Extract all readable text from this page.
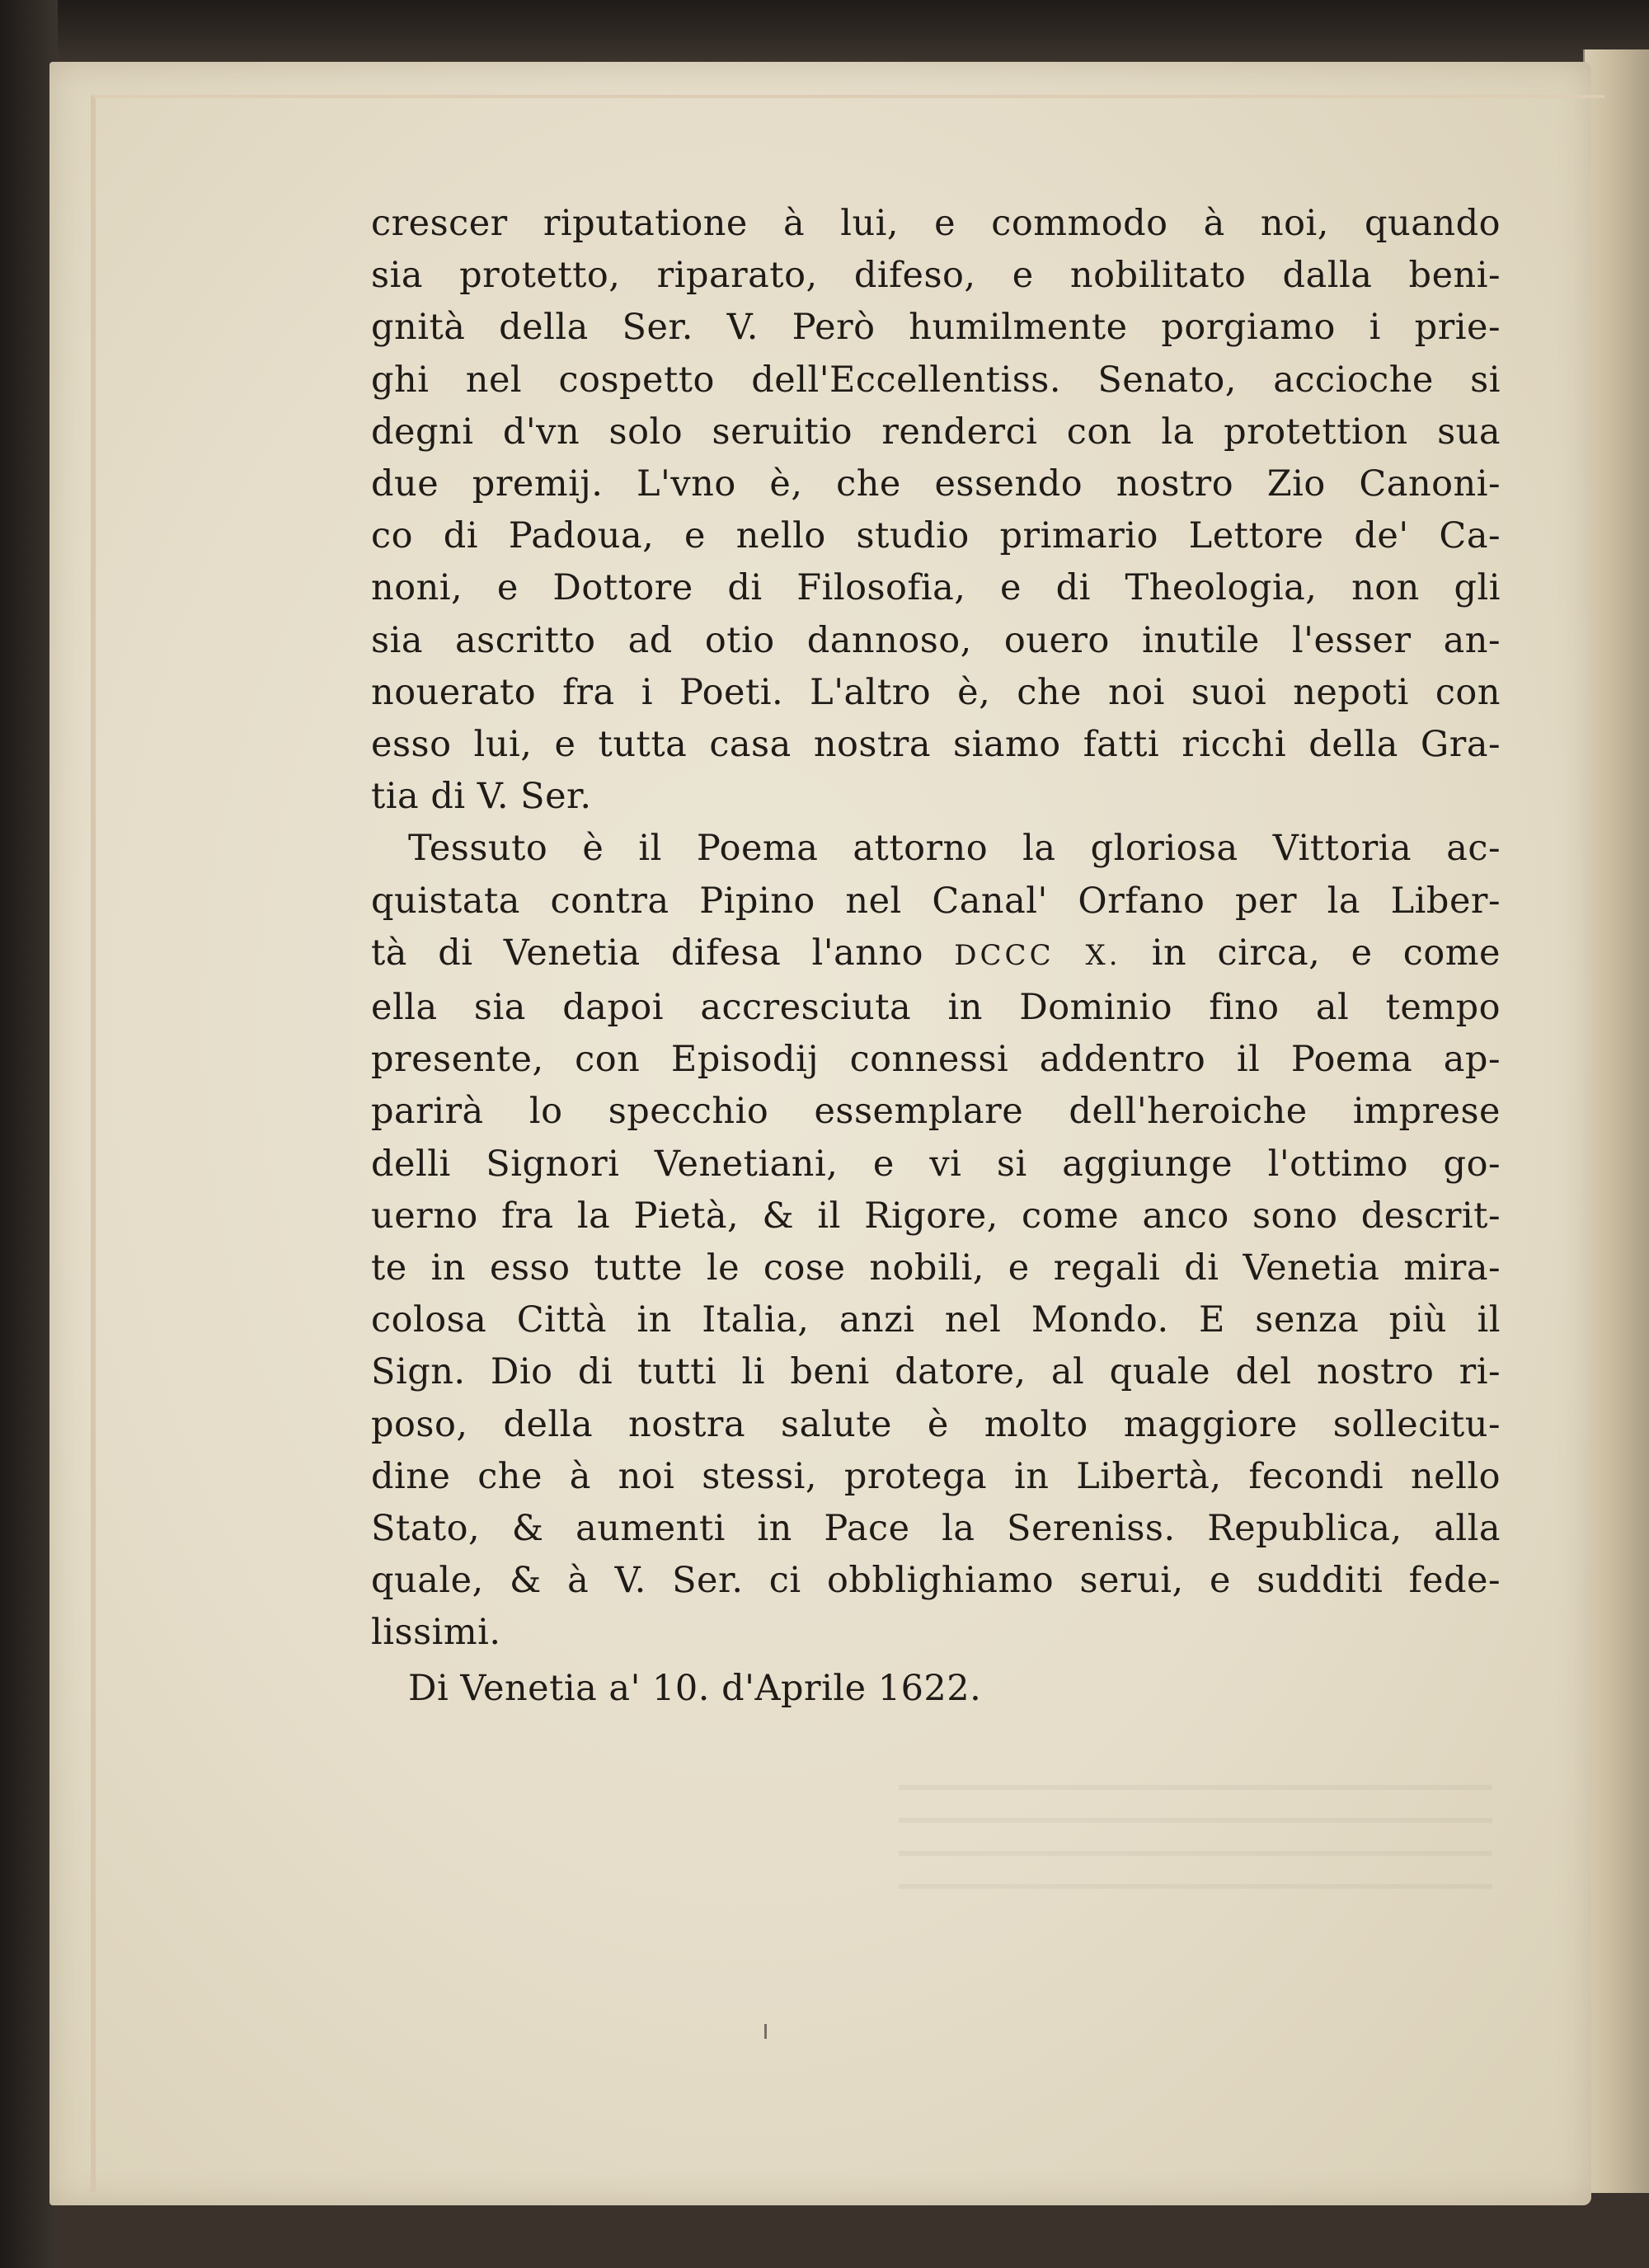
crescer riputatione à lui, e commodo à noi, quando
sia protetto, riparato, difeso, e nobilitato dalla beni-
gnità della Ser. V. Però humilmente porgiamo i prie-
ghi nel cospetto dell'Eccellentiss. Senato, accioche si
degni d'vn solo seruitio renderci con la protettion sua
due premij. L'vno è, che essendo nostro Zio Canoni-
co di Padoua, e nello studio primario Lettore de' Ca-
noni, e Dottore di Filosofia, e di Theologia, non gli
sia ascritto ad otio dannoso, ouero inutile l'esser an-
nouerato fra i Poeti. L'altro è, che noi suoi nepoti con
esso lui, e tutta casa nostra siamo fatti ricchi della Gra-
tia di V. Ser.
Tessuto è il Poema attorno la gloriosa Vittoria ac-
quistata contra Pipino nel Canal' Orfano per la Liber-
tà di Venetia difesa l'anno DCCC X. in circa, e come
ella sia dapoi accresciuta in Dominio fino al tempo
presente, con Episodij connessi addentro il Poema ap-
parirà lo specchio essemplare dell'heroiche imprese
delli Signori Venetiani, e vi si aggiunge l'ottimo go-
uerno fra la Pietà, & il Rigore, come anco sono descrit-
te in esso tutte le cose nobili, e regali di Venetia mira-
colosa Città in Italia, anzi nel Mondo. E senza più il
Sign. Dio di tutti li beni datore, al quale del nostro ri-
poso, della nostra salute è molto maggiore sollecitu-
dine che à noi stessi, protega in Libertà, fecondi nello
Stato, & aumenti in Pace la Sereniss. Republica, alla
quale, & à V. Ser. ci obblighiamo serui, e sudditi fede-
lissimi.
Di Venetia a' 10. d'Aprile 1622.
